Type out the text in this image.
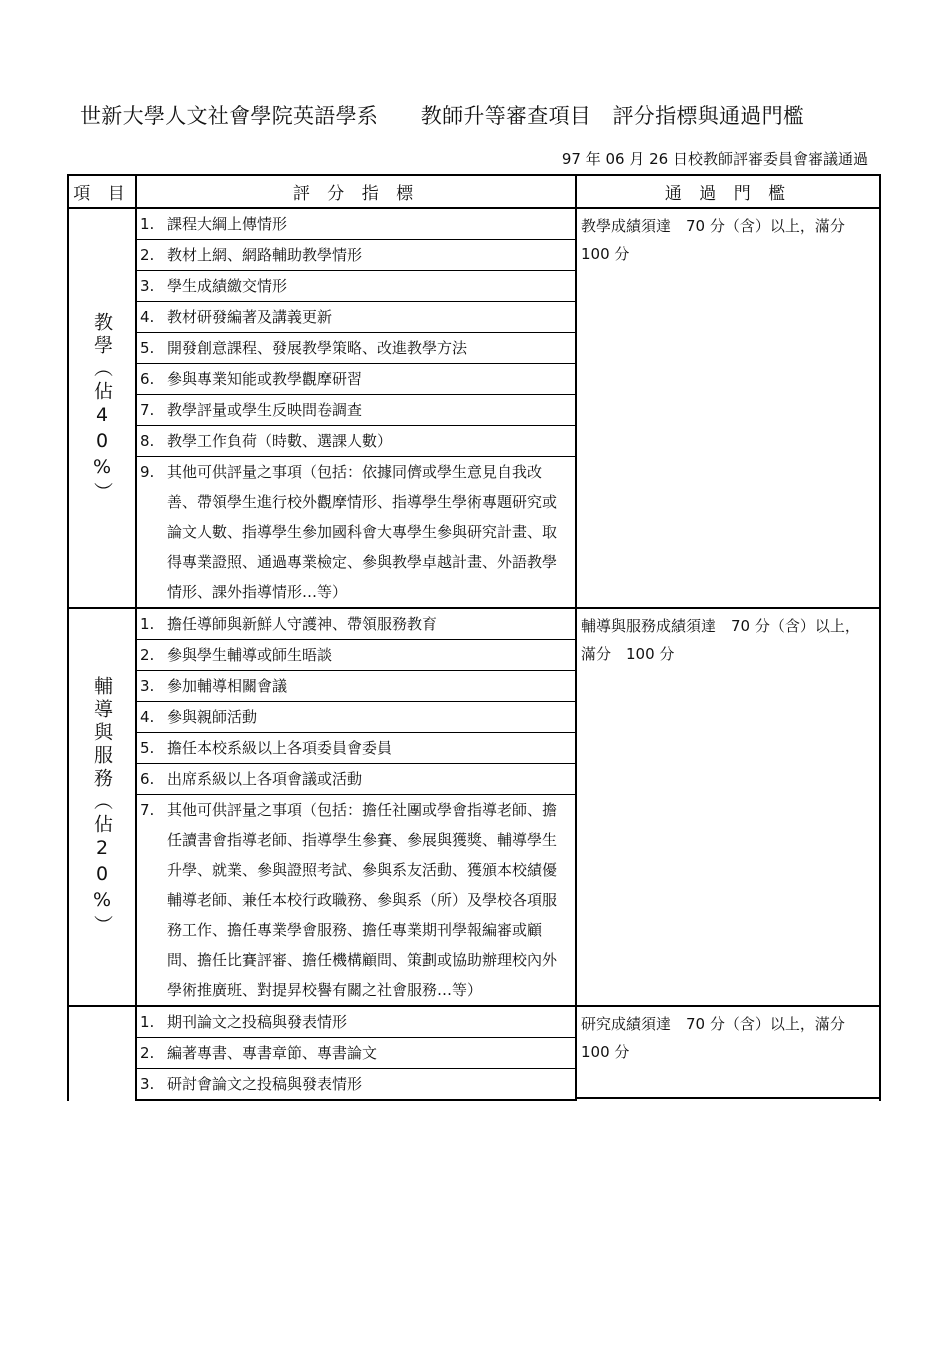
世新大學人文社會學院英語學系　　教師升等審查項目　評分指標與通過門檻
97 年 06 月 26 日校教師評審委員會審議通過
項 目	評 分 指 標	通 過 門 檻
教學（佔40%）
1. 課程大綱上傳情形
2. 教材上網、網路輔助教學情形
3. 學生成績繳交情形
4. 教材研發編著及講義更新
5. 開發創意課程、發展教學策略、改進教學方法
6. 參與專業知能或教學觀摩研習
7. 教學評量或學生反映問卷調查
8. 教學工作負荷（時數、選課人數）
9. 其他可供評量之事項（包括：依據同儕或學生意見自我改善、帶領學生進行校外觀摩情形、指導學生學術專題研究或論文人數、指導學生參加國科會大專學生參與研究計畫、取得專業證照、通過專業檢定、參與教學卓越計畫、外語教學情形、課外指導情形…等）
教學成績須達　70 分（含）以上，滿分 100 分
輔導與服務（佔20%）
1. 擔任導師與新鮮人守護神、帶領服務教育
2. 參與學生輔導或師生晤談
3. 參加輔導相關會議
4. 參與親師活動
5. 擔任本校系級以上各項委員會委員
6. 出席系級以上各項會議或活動
7. 其他可供評量之事項（包括：擔任社團或學會指導老師、擔任讀書會指導老師、指導學生參賽、參展與獲獎、輔導學生升學、就業、參與證照考試、參與系友活動、獲頒本校績優輔導老師、兼任本校行政職務、參與系（所）及學校各項服務工作、擔任專業學會服務、擔任專業期刊學報編審或顧問、擔任比賽評審、擔任機構顧問、策劃或協助辦理校內外學術推廣班、對提昇校譽有關之社會服務…等）
輔導與服務成績須達　70 分（含）以上，滿分　100 分
1. 期刊論文之投稿與發表情形
2. 編著專書、專書章節、專書論文
3. 研討會論文之投稿與發表情形
研究成績須達　70 分（含）以上，滿分 100 分
